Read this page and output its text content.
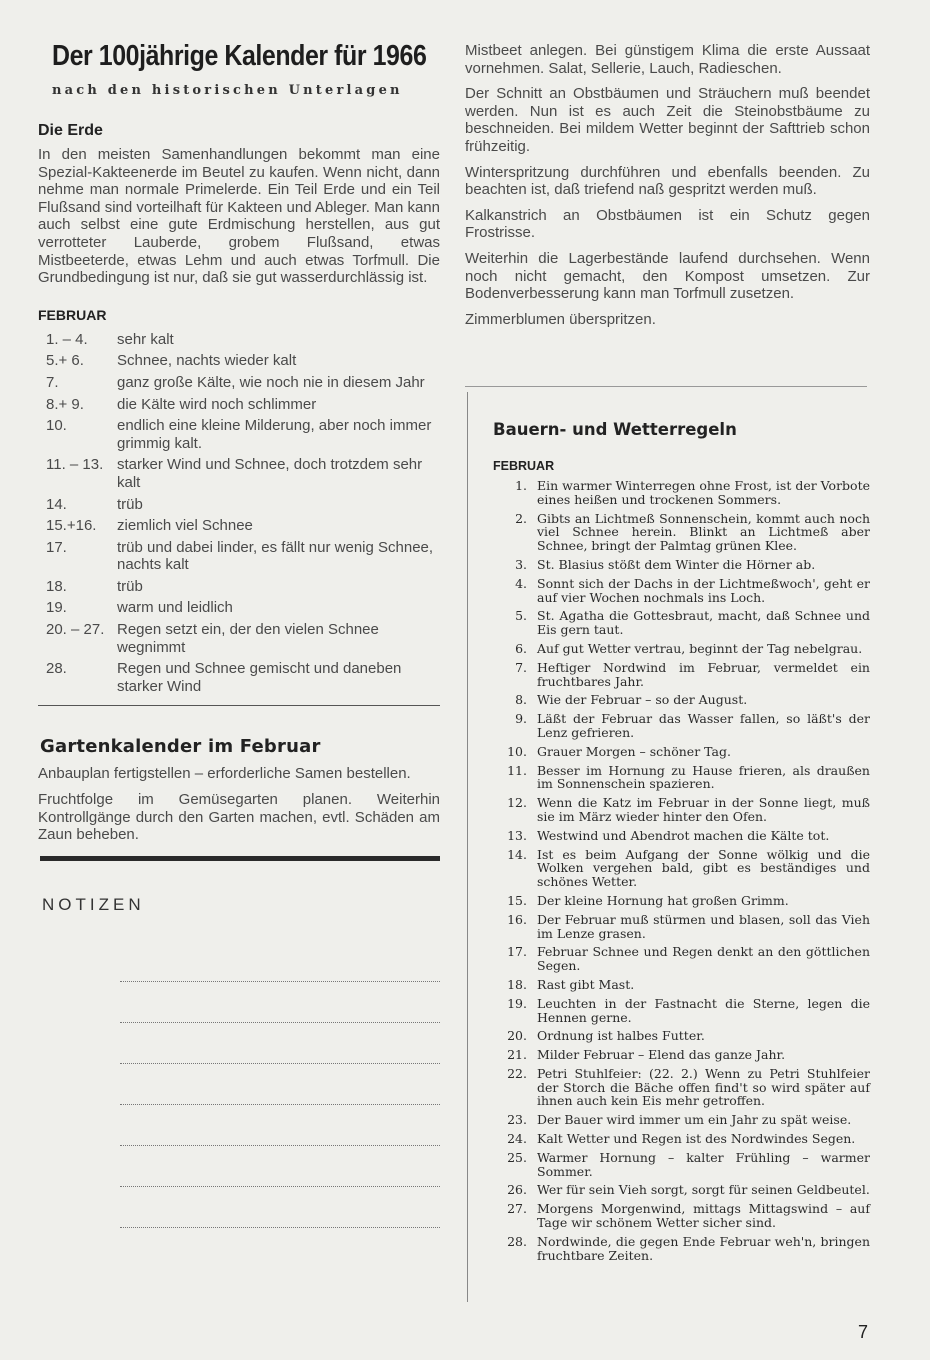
Der 100jährige Kalender für 1966
nach den historischen Unterlagen
Die Erde

In den meisten Samenhandlungen bekommt man eine Spezial-Kakteenerde im Beutel zu kaufen. Wenn nicht, dann nehme man normale Primelerde. Ein Teil Erde und ein Teil Flußsand sind vorteilhaft für Kakteen und Ableger. Man kann auch selbst eine gute Erdmischung herstellen, aus gut verrotteter Lauberde, grobem Flußsand, etwas Mistbeeterde, etwas Lehm und auch etwas Torfmull. Die Grundbedingung ist nur, daß sie gut wasserdurchlässig ist.

FEBRUAR
1. – 4.	sehr kalt
5.+ 6.	Schnee, nachts wieder kalt
7.	ganz große Kälte, wie noch nie in diesem Jahr
8.+ 9.	die Kälte wird noch schlimmer
10.	endlich eine kleine Milderung, aber noch immer grimmig kalt.
11. – 13. starker Wind und Schnee, doch trotzdem sehr kalt
14.	trüb
15.+16.	ziemlich viel Schnee
17.	trüb und dabei linder, es fällt nur wenig Schnee, nachts kalt
18.	trüb
19.	warm und leidlich
20. – 27. Regen setzt ein, der den vielen Schnee wegnimmt
28.	Regen und Schnee gemischt und daneben starker Wind
Gartenkalender im Februar

Anbauplan fertigstellen – erforderliche Samen bestellen.

Fruchtfolge im Gemüsegarten planen. Weiterhin Kontrollgänge durch den Garten machen, evtl. Schäden am Zaun beheben.

NOTIZEN

Mistbeet anlegen. Bei günstigem Klima die erste Aussaat vornehmen. Salat, Sellerie, Lauch, Radieschen.

Der Schnitt an Obstbäumen und Sträuchern muß beendet werden. Nun ist es auch Zeit die Steinobstbäume zu beschneiden. Bei mildem Wetter beginnt der Safttrieb schon frühzeitig.

Winterspritzung durchführen und ebenfalls beenden. Zu beachten ist, daß triefend naß gespritzt werden muß.

Kalkanstrich an Obstbäumen ist ein Schutz gegen Frostrisse.

Weiterhin die Lagerbestände laufend durchsehen. Wenn noch nicht gemacht, den Kompost umsetzen. Zur Bodenverbesserung kann man Torfmull zusetzen.

Zimmerblumen überspritzen.

Bauern- und Wetterregeln
FEBRUAR
1. Ein warmer Winterregen ohne Frost, ist der Vorbote eines heißen und trockenen Sommers.
2. Gibts an Lichtmeß Sonnenschein, kommt auch noch viel Schnee herein. Blinkt an Lichtmeß aber Schnee, bringt der Palmtag grünen Klee.
3. St. Blasius stößt dem Winter die Hörner ab.
4. Sonnt sich der Dachs in der Lichtmeßwoch', geht er auf vier Wochen nochmals ins Loch.
5. St. Agatha die Gottesbraut, macht, daß Schnee und Eis gern taut.
6. Auf gut Wetter vertrau, beginnt der Tag nebelgrau.
7. Heftiger Nordwind im Februar, vermeldet ein fruchtbares Jahr.
8. Wie der Februar – so der August.
9. Läßt der Februar das Wasser fallen, so läßt's der Lenz gefrieren.
10. Grauer Morgen – schöner Tag.
11. Besser im Hornung zu Hause frieren, als draußen im Sonnenschein spazieren.
12. Wenn die Katz im Februar in der Sonne liegt, muß sie im März wieder hinter den Ofen.
13. Westwind und Abendrot machen die Kälte tot.
14. Ist es beim Aufgang der Sonne wölkig und die Wolken vergehen bald, gibt es beständiges und schönes Wetter.
15. Der kleine Hornung hat großen Grimm.
16. Der Februar muß stürmen und blasen, soll das Vieh im Lenze grasen.
17. Februar Schnee und Regen denkt an den göttlichen Segen.
18. Rast gibt Mast.
19. Leuchten in der Fastnacht die Sterne, legen die Hennen gerne.
20. Ordnung ist halbes Futter.
21. Milder Februar – Elend das ganze Jahr.
22. Petri Stuhlfeier: (22. 2.) Wenn zu Petri Stuhlfeier der Storch die Bäche offen find't so wird später auf ihnen auch kein Eis mehr getroffen.
23. Der Bauer wird immer um ein Jahr zu spät weise.
24. Kalt Wetter und Regen ist des Nordwindes Segen.
25. Warmer Hornung – kalter Frühling – warmer Sommer.
26. Wer für sein Vieh sorgt, sorgt für seinen Geldbeutel.
27. Morgens Morgenwind, mittags Mittagswind – auf Tage wir schönem Wetter sicher sind.
28. Nordwinde, die gegen Ende Februar weh'n, bringen fruchtbare Zeiten.
7
